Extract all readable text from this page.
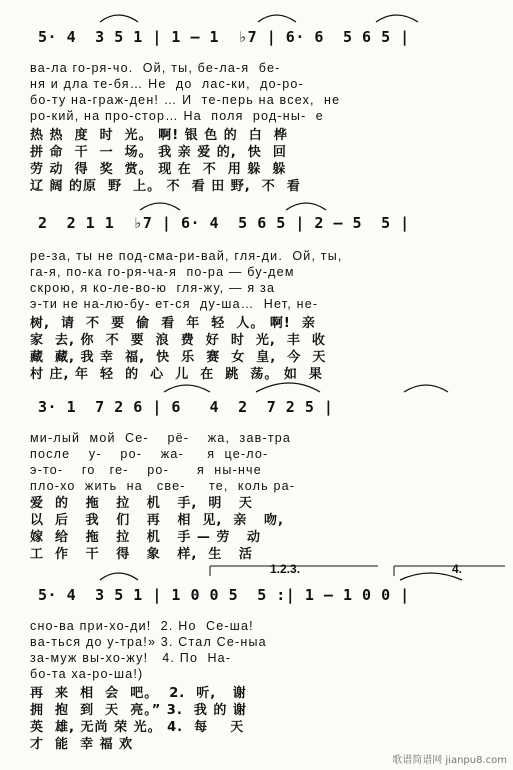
5· 4  3 5 1 | 1 — 1  ♭7 | 6· 6  5 6 5 |

ва-ла го-ря-чо.  Ой, ты, бе-ла-я  бе-

ня и дла те-бя… Не  до  лас-ки,  до-ро-

бо-ту на-граж-ден! … И  те-перь на всех,  не

ро-кий, на про-стор… На  поля  род-ны-  е

热 热  度  时  光。 啊! 银 色 的  白  桦

拼 命  干  一  场。 我 亲 爱 的,  快  回

劳 动  得  奖  赏。 现 在  不  用 躲  躲

辽 阔 的原  野  上。 不  看 田 野,  不  看

2  2 1 1  ♭7 | 6· 4  5 6 5 | 2 — 5  5 |

ре-за, ты не под-сма-ри-вай, гля-ди.  Ой, ты,

га-я, по-ка го-ря-ча-я  по-ра — бу-дем

скрою, я ко-ле-во-ю  гля-жу, — я за

э-ти не на-лю-бу- ет-ся  ду-ша…  Нет, не-

树,  请  不  要  偷  看  年  轻  人。 啊!  亲

家  去, 你  不  要  浪  费  好  时  光,  丰  收

藏  藏, 我 幸  福,  快  乐  赛  女  皇,  今  天

村 庄, 年  轻  的  心  儿  在  跳  荡。 如  果

3· 1  7 2 6 | 6   4  2  7 2 5 |

ми-лый  мой  Се-    рё-    жа,  зав-тра

после    у-    ро-    жа-     я  це-ло-

э-то-    го   ге-    ро-      я  ны-нче

пло-хо  жить  на   све-     те,  коль ра-

爱  的   拖   拉   机   手,  明   天

以  后   我   们   再   相  见,  亲   吻,

嫁  给   拖   拉   机   手 — 劳   动

工  作   干   得   象   样,  生   活

1.2.3.	4.
5· 4  3 5 1 | 1 0 0 5  5 :| 1 — 1 0 0 |

сно-ва при-хо-ди!  2. Но  Се-ша!

ва-ться до у-тра!» 3. Стал Се-ныа

за-муж вы-хо-жу!   4. По  На-

бо-та ха-ро-ша!)

再  来  相  会  吧。  2.  听,   谢

拥  抱  到  天  亮。” 3.  我 的 谢

英  雄, 无尚 荣 光。 4.  每    天

才  能  幸 福 欢

歌谱简谱网 jianpu8.com
